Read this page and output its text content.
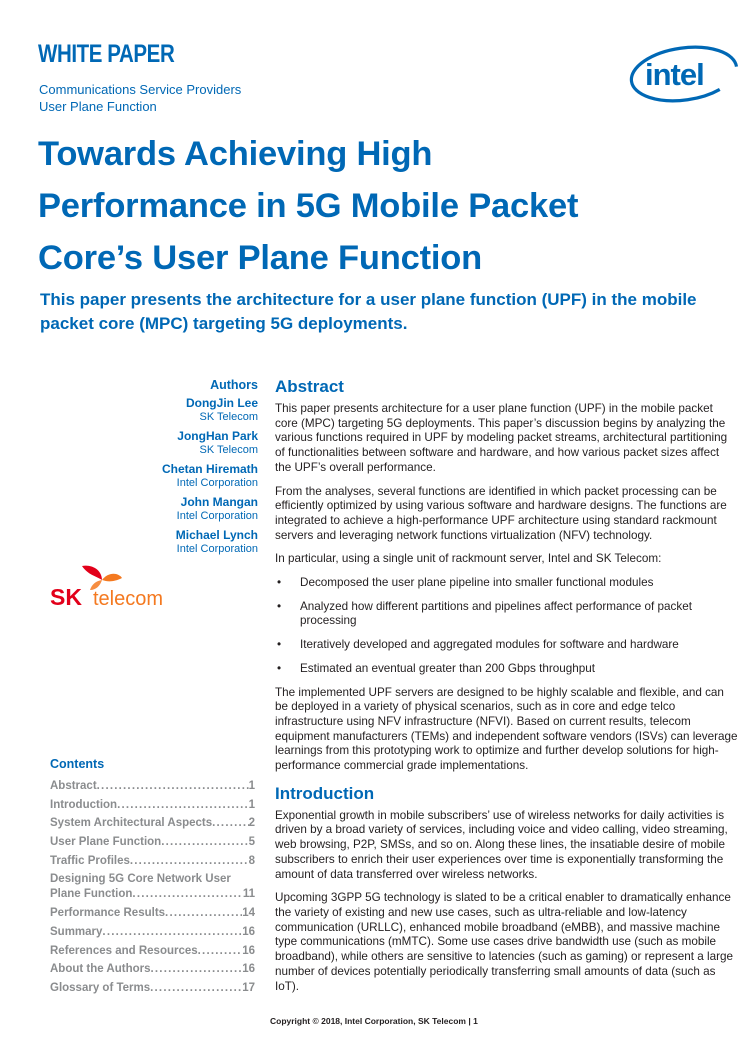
WHITE PAPER
Communications Service Providers
User Plane Function
intel
Towards Achieving High
Performance in 5G Mobile Packet
Core’s User Plane Function
This paper presents the architecture for a user plane function (UPF) in the mobile packet core (MPC) targeting 5G deployments.
Authors
DongJin Lee
SK Telecom
JongHan Park
SK Telecom
Chetan Hiremath
Intel Corporation
John Mangan
Intel Corporation
Michael Lynch
Intel Corporation
SK telecom
Contents
Abstract .....	1
Introduction .....	1
System Architectural Aspects .....	2
User Plane Function .....	5
Traffic Profiles .....	8
Designing 5G Core Network User
Plane Function .....	11
Performance Results .....	14
Summary .....	16
References and Resources .....	16
About the Authors .....	16
Glossary of Terms .....	17
Abstract

This paper presents architecture for a user plane function (UPF) in the mobile packet core (MPC) targeting 5G deployments. This paper’s discussion begins by analyzing the various functions required in UPF by modeling packet streams, architectural partitioning of functionalities between software and hardware, and how various packet sizes affect the UPF’s overall performance.

From the analyses, several functions are identified in which packet processing can be efficiently optimized by using various software and hardware designs. The functions are integrated to achieve a high-performance UPF architecture using standard rackmount servers and leveraging network functions virtualization (NFV) technology.

In particular, using a single unit of rackmount server, Intel and SK Telecom:

• Decomposed the user plane pipeline into smaller functional modules
• Analyzed how different partitions and pipelines affect performance of packet processing
• Iteratively developed and aggregated modules for software and hardware
• Estimated an eventual greater than 200 Gbps throughput

The implemented UPF servers are designed to be highly scalable and flexible, and can be deployed in a variety of physical scenarios, such as in core and edge telco infrastructure using NFV infrastructure (NFVI). Based on current results, telecom equipment manufacturers (TEMs) and independent software vendors (ISVs) can leverage learnings from this prototyping work to optimize and further develop solutions for high-performance commercial grade implementations.

Introduction

Exponential growth in mobile subscribers’ use of wireless networks for daily activities is driven by a broad variety of services, including voice and video calling, video streaming, web browsing, P2P, SMSs, and so on. Along these lines, the insatiable desire of mobile subscribers to enrich their user experiences over time is exponentially transforming the amount of data transferred over wireless networks.

Upcoming 3GPP 5G technology is slated to be a critical enabler to dramatically enhance the variety of existing and new use cases, such as ultra-reliable and low-latency communication (URLLC), enhanced mobile broadband (eMBB), and massive machine type communications (mMTC). Some use cases drive bandwidth use (such as mobile broadband), while others are sensitive to latencies (such as gaming) or represent a large number of devices potentially periodically transferring small amounts of data (such as IoT).

Copyright © 2018, Intel Corporation, SK Telecom | 1
